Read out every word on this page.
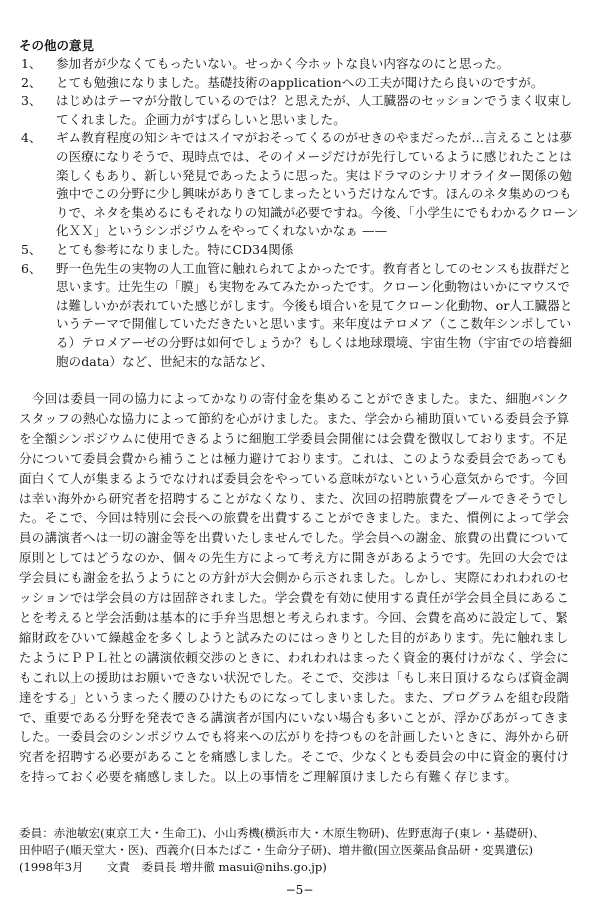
その他の意見
1、	参加者が少なくてもったいない。せっかく今ホットな良い内容なのにと思った。
2、	とても勉強になりました。基礎技術のapplicationへの工夫が聞けたら良いのですが。
3、	はじめはテーマが分散しているのでは？と思えたが、人工臓器のセッションでうまく収束してくれました。企画力がすばらしいと思いました。
4、	ギム教育程度の知シキではスイマがおそってくるのがせきのやまだったが…言えることは夢の医療になりそうで、現時点では、そのイメージだけが先行しているように感じれたことは楽しくもあり、新しい発見であったように思った。実はドラマのシナリオライター関係の勉強中でこの分野に少し興味がありきてしまったというだけなんです。ほんのネタ集めのつもりで、ネタを集めるにもそれなりの知識が必要ですね。今後、「小学生にでもわかるクローン化ＸＸ」というシンポジウムをやってくれないかなぁ ——
5、	とても参考になりました。特にCD34関係
6、	野一色先生の実物の人工血管に触れられてよかったです。教育者としてのセンスも抜群だと思います。辻先生の「膜」も実物をみてみたかったです。クローン化動物はいかにマウスでは難しいかが表れていた感じがします。今後も頃合いを見てクローン化動物、or人工臓器というテーマで開催していただきたいと思います。来年度はテロメア（ここ数年シンポしている）テロメアーゼの分野は如何でしょうか？もしくは地球環境、宇宙生物（宇宙での培養細胞のdata）など、世紀末的な話など、

今回は委員一同の協力によってかなりの寄付金を集めることができました。また、細胞バンクスタッフの熱心な協力によって節約を心がけました。また、学会から補助頂いている委員会予算を全額シンポジウムに使用できるように細胞工学委員会開催には会費を徴収しております。不足分について委員会費から補うことは極力避けております。これは、このような委員会であっても面白くて人が集まるようでなければ委員会をやっている意味がないという心意気からです。今回は幸い海外から研究者を招聘することがなくなり、また、次回の招聘旅費をプールできそうでした。そこで、今回は特別に会長への旅費を出費することができました。また、慣例によって学会員の講演者へは一切の謝金等を出費いたしませんでした。学会員への謝金、旅費の出費について原則としてはどうなのか、個々の先生方によって考え方に開きがあるようです。先回の大会では学会員にも謝金を払うようにとの方針が大会側から示されました。しかし、実際にわれわれのセッションでは学会員の方は固辞されました。学会費を有効に使用する責任が学会員全員にあることを考えると学会活動は基本的に手弁当思想と考えられます。今回、会費を高めに設定して、緊縮財政をひいて繰越金を多くしようと試みたのにはっきりとした目的があります。先に触れましたようにＰＰＬ社との講演依頼交渉のときに、われわれはまったく資金的裏付けがなく、学会にもこれ以上の援助はお願いできない状況でした。そこで、交渉は「もし来日頂けるならば資金調達をする」というまったく腰のひけたものになってしまいました。また、プログラムを組む段階で、重要である分野を発表できる講演者が国内にいない場合も多いことが、浮かびあがってきました。一委員会のシンポジウムでも将来への広がりを持つものを計画したいときに、海外から研究者を招聘する必要があることを痛感しました。そこで、少なくとも委員会の中に資金的裏付けを持っておく必要を痛感しました。以上の事情をご理解頂けましたら有難く存じます。

委員：赤池敏宏(東京工大・生命工)、小山秀機(横浜市大・木原生物研)、佐野恵海子(東レ・基礎研)、
田仲昭子(順天堂大・医)、西義介(日本たばこ・生命分子研)、増井徹(国立医薬品食品研・変異遺伝)
(1998年3月　　文責　委員長 増井徹 masui@nihs.go.jp)
−5−
